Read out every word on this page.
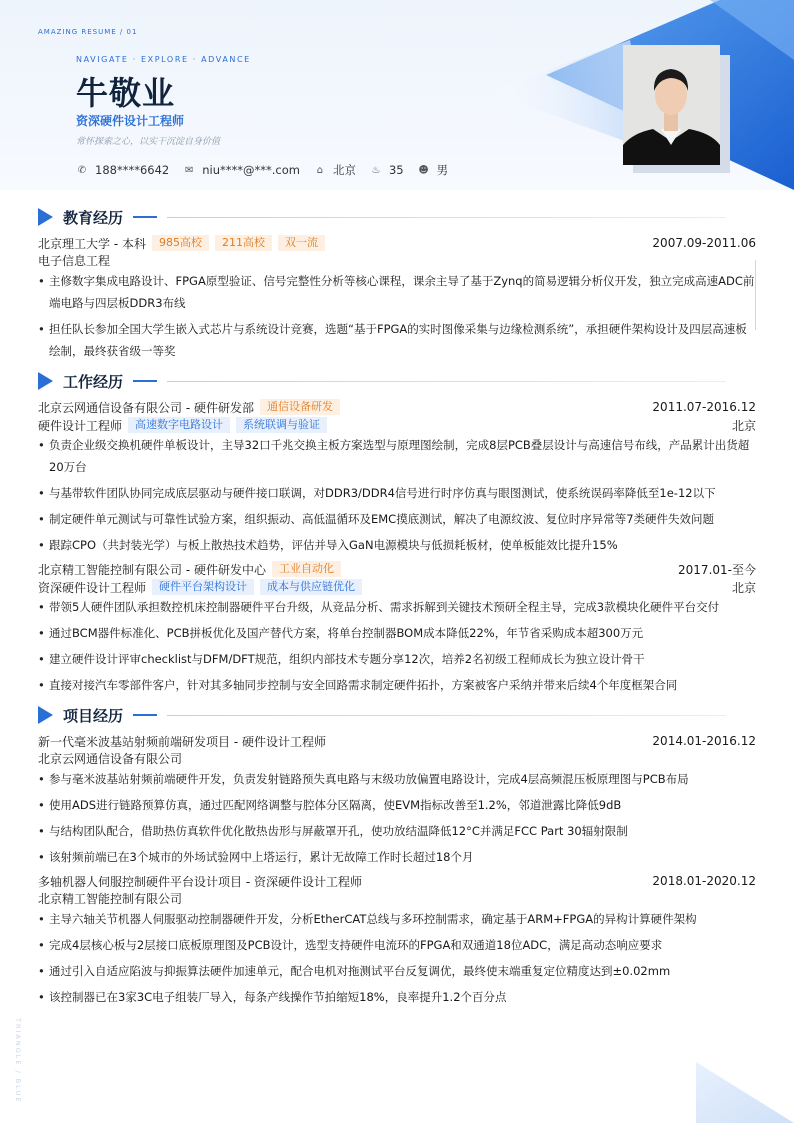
AMAZING RESUME / 01
NAVIGATE · EXPLORE · ADVANCE
牛敬业
资深硬件设计工程师
常怀探索之心，以实干沉淀自身价值
✆ 188****6642 ✉ niu****@***.com ⌂ 北京 ♨ 35 ☻ 男
TRIANGLE / BLUE
教育经历
北京理工大学 - 本科	985高校	211高校	双一流	2007.09-2011.06
电子信息工程
• 主修数字集成电路设计、FPGA原型验证、信号完整性分析等核心课程，课余主导了基于Zynq的简易逻辑分析仪开发，独立完成高速ADC前端电路与四层板DDR3布线
• 担任队长参加全国大学生嵌入式芯片与系统设计竞赛，选题“基于FPGA的实时图像采集与边缘检测系统”，承担硬件架构设计及四层高速板绘制，最终获省级一等奖
工作经历
北京云网通信设备有限公司 - 硬件研发部	通信设备研发	2011.07-2016.12
硬件设计工程师	高速数字电路设计	系统联调与验证	北京
• 负责企业级交换机硬件单板设计，主导32口千兆交换主板方案选型与原理图绘制，完成8层PCB叠层设计与高速信号布线，产品累计出货超20万台
• 与基带软件团队协同完成底层驱动与硬件接口联调，对DDR3/DDR4信号进行时序仿真与眼图测试，使系统误码率降低至1e-12以下
• 制定硬件单元测试与可靠性试验方案，组织振动、高低温循环及EMC摸底测试，解决了电源纹波、复位时序异常等7类硬件失效问题
• 跟踪CPO（共封装光学）与板上散热技术趋势，评估并导入GaN电源模块与低损耗板材，使单板能效比提升15%
北京精工智能控制有限公司 - 硬件研发中心	工业自动化	2017.01-至今
资深硬件设计工程师	硬件平台架构设计	成本与供应链优化	北京
• 带领5人硬件团队承担数控机床控制器硬件平台升级，从竞品分析、需求拆解到关键技术预研全程主导，完成3款模块化硬件平台交付
• 通过BCM器件标准化、PCB拼板优化及国产替代方案，将单台控制器BOM成本降低22%，年节省采购成本超300万元
• 建立硬件设计评审checklist与DFM/DFT规范，组织内部技术专题分享12次，培养2名初级工程师成长为独立设计骨干
• 直接对接汽车零部件客户，针对其多轴同步控制与安全回路需求制定硬件拓扑，方案被客户采纳并带来后续4个年度框架合同
项目经历
新一代毫米波基站射频前端研发项目 - 硬件设计工程师	2014.01-2016.12
北京云网通信设备有限公司
• 参与毫米波基站射频前端硬件开发，负责发射链路预失真电路与末级功放偏置电路设计，完成4层高频混压板原理图与PCB布局
• 使用ADS进行链路预算仿真，通过匹配网络调整与腔体分区隔离，使EVM指标改善至1.2%，邻道泄露比降低9dB
• 与结构团队配合，借助热仿真软件优化散热齿形与屏蔽罩开孔，使功放结温降低12°C并满足FCC Part 30辐射限制
• 该射频前端已在3个城市的外场试验网中上塔运行，累计无故障工作时长超过18个月
多轴机器人伺服控制硬件平台设计项目 - 资深硬件设计工程师	2018.01-2020.12
北京精工智能控制有限公司
• 主导六轴关节机器人伺服驱动控制器硬件开发，分析EtherCAT总线与多环控制需求，确定基于ARM+FPGA的异构计算硬件架构
• 完成4层核心板与2层接口底板原理图及PCB设计，选型支持硬件电流环的FPGA和双通道18位ADC，满足高动态响应要求
• 通过引入自适应陷波与抑振算法硬件加速单元，配合电机对拖测试平台反复调优，最终使末端重复定位精度达到±0.02mm
• 该控制器已在3家3C电子组装厂导入，每条产线操作节拍缩短18%，良率提升1.2个百分点
